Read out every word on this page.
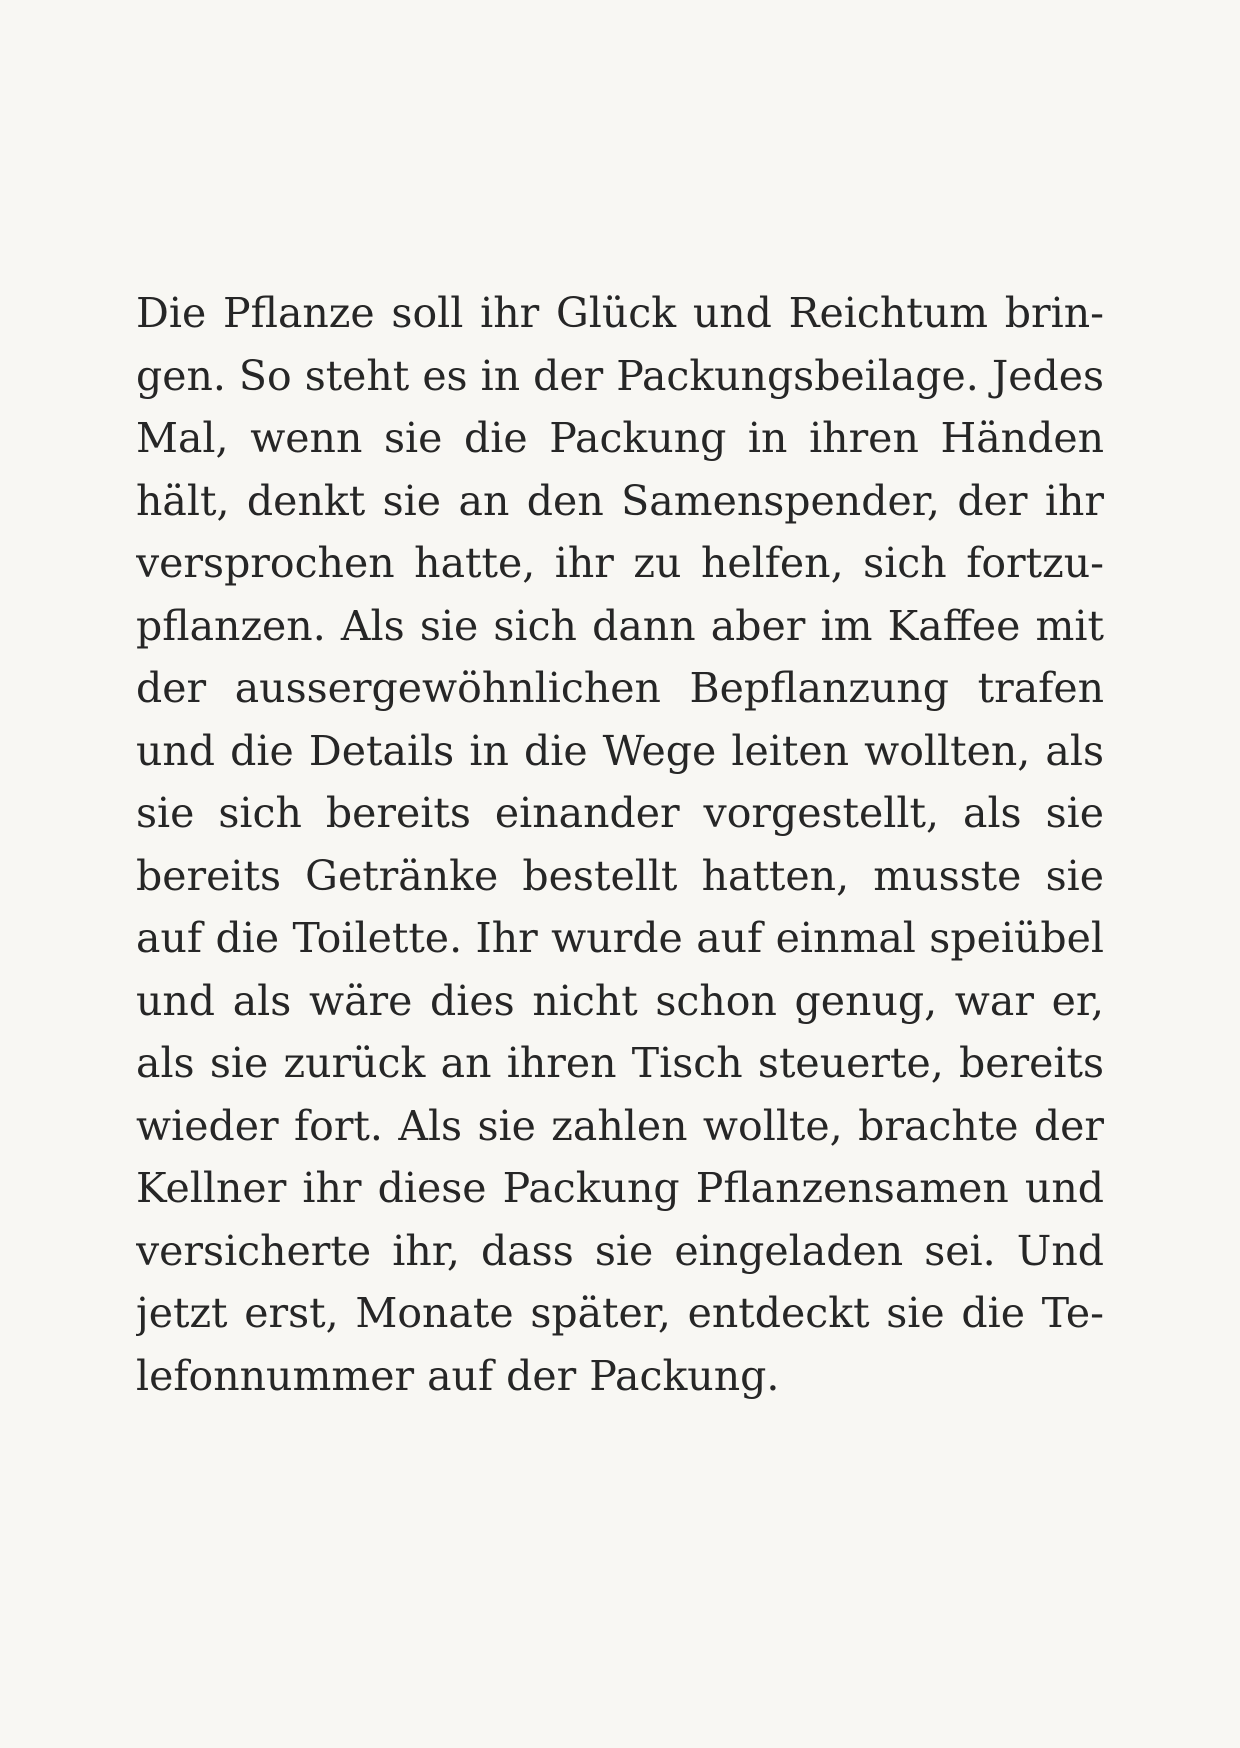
Die Pflanze soll ihr Glück und Reichtum brin-
gen. So steht es in der Packungsbeilage. Jedes
Mal, wenn sie die Packung in ihren Händen
hält, denkt sie an den Samenspender, der ihr
versprochen hatte, ihr zu helfen, sich fortzu-
pflanzen. Als sie sich dann aber im Kaffee mit
der aussergewöhnlichen Bepflanzung trafen
und die Details in die Wege leiten wollten, als
sie sich bereits einander vorgestellt, als sie
bereits Getränke bestellt hatten, musste sie
auf die Toilette. Ihr wurde auf einmal speiübel
und als wäre dies nicht schon genug, war er,
als sie zurück an ihren Tisch steuerte, bereits
wieder fort. Als sie zahlen wollte, brachte der
Kellner ihr diese Packung Pflanzensamen und
versicherte ihr, dass sie eingeladen sei. Und
jetzt erst, Monate später, entdeckt sie die Te-
lefonnummer auf der Packung.
